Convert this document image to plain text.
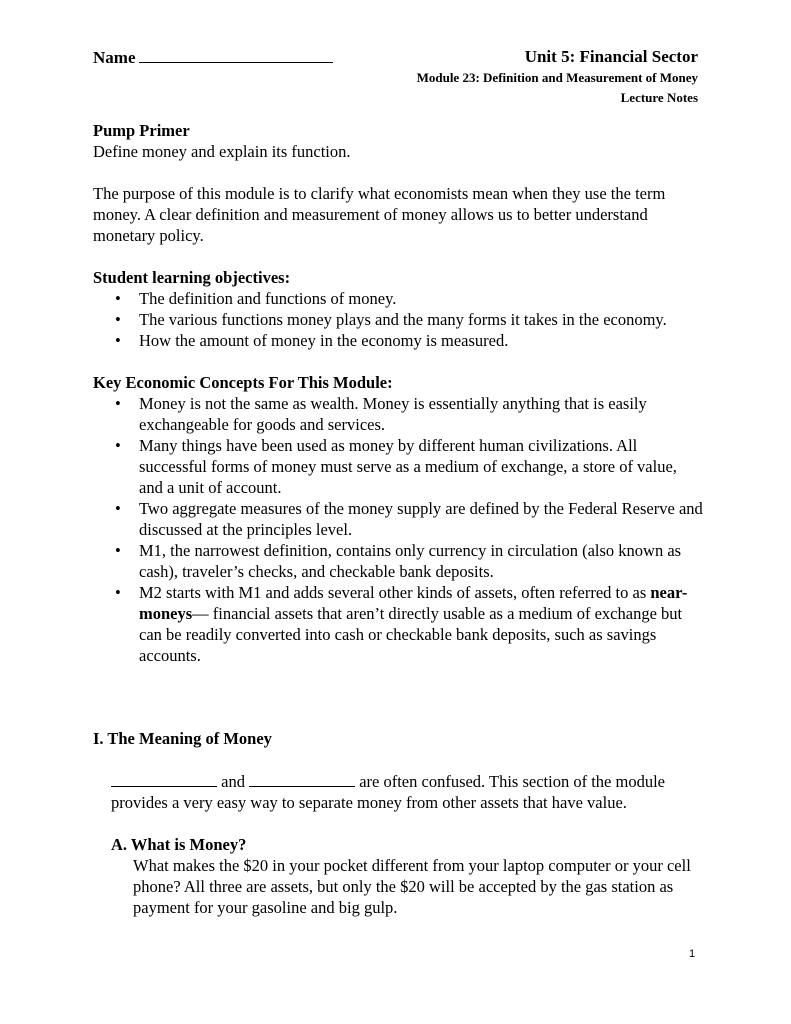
Name	Unit 5: Financial Sector
Module 23: Definition and Measurement of Money
Lecture Notes

Pump Primer

Define money and explain its function.

The purpose of this module is to clarify what economists mean when they use the term money. A clear definition and measurement of money allows us to better understand monetary policy.

Student learning objectives:

• The definition and functions of money.
• The various functions money plays and the many forms it takes in the economy.
• How the amount of money in the economy is measured.

Key Economic Concepts For This Module:

• Money is not the same as wealth. Money is essentially anything that is easily exchangeable for goods and services.
• Many things have been used as money by different human civilizations. All successful forms of money must serve as a medium of exchange, a store of value, and a unit of account.
• Two aggregate measures of the money supply are defined by the Federal Reserve and discussed at the principles level.
• M1, the narrowest definition, contains only currency in circulation (also known as cash), traveler’s checks, and checkable bank deposits.
• M2 starts with M1 and adds several other kinds of assets, often referred to as near-moneys— financial assets that aren’t directly usable as a medium of exchange but can be readily converted into cash or checkable bank deposits, such as savings accounts.

I. The Meaning of Money

and	are often confused. This section of the module provides a very easy way to separate money from other assets that have value.

A. What is Money?

What makes the $20 in your pocket different from your laptop computer or your cell phone? All three are assets, but only the $20 will be accepted by the gas station as payment for your gasoline and big gulp.

1
